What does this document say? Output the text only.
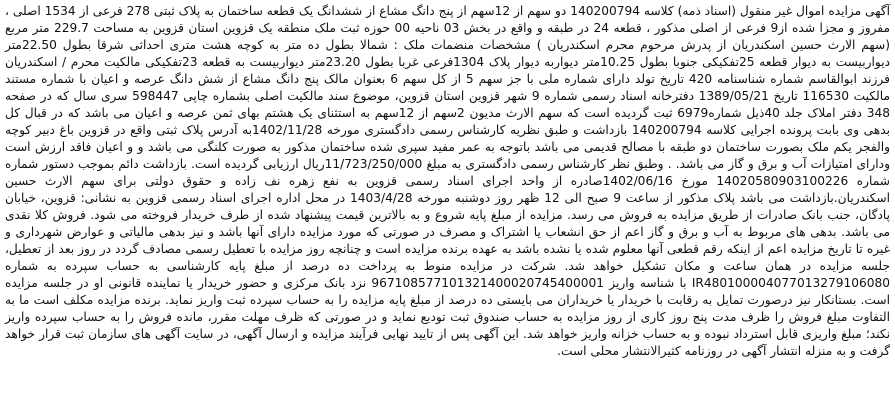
آگهی مزایده اموال غیر منقول (اسناد ذمه) کلاسه 140200794 دو سهم از 12سهم از پنج دانگ مشاع از ششدانگ یک قطعه ساختمان به پلاک ثبتی 278 فرعی از 1534 اصلی ، مفروز و مجزا شده از9 فرعی از اصلی مذکور ، قطعه 24 در طبقه و واقع در بخش 03 ناحیه 00 حوزه ثبت ملک منطقه یک قزوین استان قزوین به مساحت 229.7 متر مربع (سهم الارث حسین اسکندریان از پدرش مرحوم محرم اسکندریان ) مشخصات منضمات ملک : شمالا بطول ده متر به کوچه هشت متری احداثی شرقا بطول 22.50متر دیواربیست به دیوار قطعه 25تفکیکی جنوبا بطول 10.25متر دیواربه دیوار پلاک 1304فرعی غربا بطول 23.20متر دیواربیست به قطعه 23تفکیکی مالکیت محرم / اسکندریان فرزند ابوالقاسم شماره شناسنامه 420 تاریخ تولد دارای شماره ملی با جز سهم 5 از کل سهم 6 بعنوان مالک پنج دانگ مشاع از شش دانگ عرصه و اعیان با شماره مستند مالکیت 116530 تاریخ 1389/05/21 دفترخانه اسناد رسمی شماره 9 شهر قزوین استان قزوین، موضوع سند مالکیت اصلی بشماره چاپی 598447 سری سال که در صفحه 348 دفتر املاک جلد 40ذیل شماره6979 ثبت گردیده است که سهم الارث مدیون 2سهم از 12سهم به استثنای یک هشتم بهای ثمن عرصه و اعیان می باشد که در قبال کل بدهی وی بابت پرونده اجرایی کلاسه 140200794 بازداشت و طبق نظریه کارشناس رسمی دادگستری مورخه 1402/11/28به آدرس پلاک ثبتی واقع در قزوین باغ دبیر کوچه والفجر یکم ملک بصورت ساختمان دو طبقه با مصالح قدیمی می باشد باتوجه به عمر مفید سپری شده ساختمان مذکور به صورت کلنگی می باشد و و اعیان فاقد ارزش است ودارای امتیازات آب و برق و گاز می باشد. . وطبق نظر کارشناس رسمی دادگستری به مبلغ 11/723/250/000ریال ارزیابی گردیده است. بازداشت دائم بموجب دستور شماره شماره 14020580903100226 مورخ 1402/06/16صادره از واحد اجرای اسناد رسمی قزوین به نفع زهره نف زاده و حقوق دولتی برای سهم الارث حسین اسکندریان.بازداشت می باشد پلاک مذکور از ساعت 9 صبح الی 12 ظهر روز دوشنبه مورخه 1403/4/28 در محل اداره اجرای اسناد رسمی قزوین به نشانی: قزوین، خیابان پادگان، جنب بانک صادرات از طریق مزایده به فروش می رسد. مزایده از مبلغ پایه شروع و به بالاترین قیمت پیشنهاد شده از طرف خریدار فروخته می شود. فروش کلا نقدی می باشد. بدهی های مربوط به آب و برق و گاز اعم از حق انشعاب یا اشتراک و مصرف در صورتی که مورد مزایده دارای آنها باشد و نیز بدهی مالیاتی و عوارض شهرداری و غیره تا تاریخ مزایده اعم از اینکه رقم قطعی آنها معلوم شده یا نشده باشد به عهده برنده مزایده است و چنانچه روز مزایده با تعطیل رسمی مصادف گردد در روز بعد از تعطیل، جلسه مزایده در همان ساعت و مکان تشکیل خواهد شد. شرکت در مزایده منوط به پرداخت ده درصد از مبلغ پایه کارشناسی به حساب سپرده به شماره IR480100004077013279106080 با شناسه واریز 967108577101321400020745400001 نزد بانک مرکزی و حضور خریدار یا نماینده قانونی او در جلسه مزایده است. بستانکار نیز درصورت تمایل به رقابت با خریدار یا خریداران می بایستی ده درصد از مبلغ پایه مزایده را به حساب سپرده ثبت واریز نماید. برنده مزایده مکلف است ما به التفاوت مبلغ فروش را ظرف مدت پنج روز کاری از روز مزایده به حساب صندوق ثبت تودیع نماید و در صورتی که ظرف مهلت مقرر، مانده فروش را به حساب سپرده واریز نکند؛ مبلغ واریزی قابل استرداد نبوده و به حساب خزانه واریز خواهد شد. این آگهی پس از تایید نهایی فرآیند مزایده و ارسال آگهی، در سایت آگهی های سازمان ثبت قرار خواهد گرفت و به منزله انتشار آگهی در روزنامه کثیرالانتشار محلی است.
